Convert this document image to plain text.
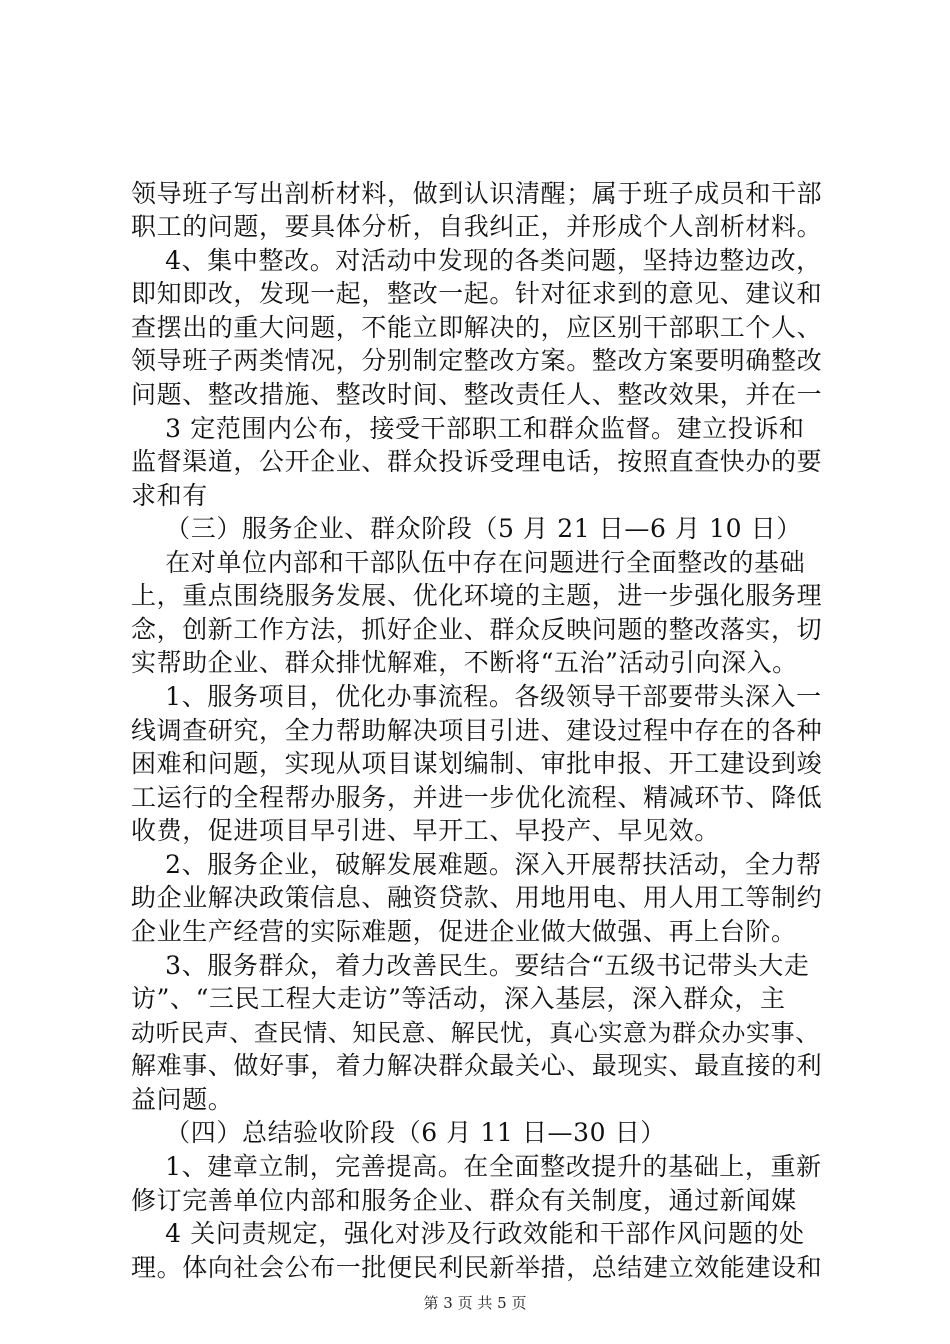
领导班子写出剖析材料，做到认识清醒；属于班子成员和干部
职工的问题，要具体分析，自我纠正，并形成个人剖析材料。
4、集中整改。对活动中发现的各类问题，坚持边整边改，
即知即改，发现一起，整改一起。针对征求到的意见、建议和
查摆出的重大问题，不能立即解决的，应区别干部职工个人、
领导班子两类情况，分别制定整改方案。整改方案要明确整改
问题、整改措施、整改时间、整改责任人、整改效果，并在一
3 定范围内公布，接受干部职工和群众监督。建立投诉和
监督渠道，公开企业、群众投诉受理电话，按照直查快办的要
求和有
（三）服务企业、群众阶段（5 月 21 日—6 月 10 日）
在对单位内部和干部队伍中存在问题进行全面整改的基础
上，重点围绕服务发展、优化环境的主题，进一步强化服务理
念，创新工作方法，抓好企业、群众反映问题的整改落实，切
实帮助企业、群众排忧解难，不断将“五治”活动引向深入。
1、服务项目，优化办事流程。各级领导干部要带头深入一
线调查研究，全力帮助解决项目引进、建设过程中存在的各种
困难和问题，实现从项目谋划编制、审批申报、开工建设到竣
工运行的全程帮办服务，并进一步优化流程、精减环节、降低
收费，促进项目早引进、早开工、早投产、早见效。
2、服务企业，破解发展难题。深入开展帮扶活动，全力帮
助企业解决政策信息、融资贷款、用地用电、用人用工等制约
企业生产经营的实际难题，促进企业做大做强、再上台阶。
3、服务群众，着力改善民生。要结合“五级书记带头大走
访”、“三民工程大走访”等活动，深入基层，深入群众，主
动听民声、查民情、知民意、解民忧，真心实意为群众办实事、
解难事、做好事，着力解决群众最关心、最现实、最直接的利
益问题。
（四）总结验收阶段（6 月 11 日—30 日）
1、建章立制，完善提高。在全面整改提升的基础上，重新
修订完善单位内部和服务企业、群众有关制度，通过新闻媒
4 关问责规定，强化对涉及行政效能和干部作风问题的处
理。体向社会公布一批便民利民新举措，总结建立效能建设和
第 3 页 共 5 页
